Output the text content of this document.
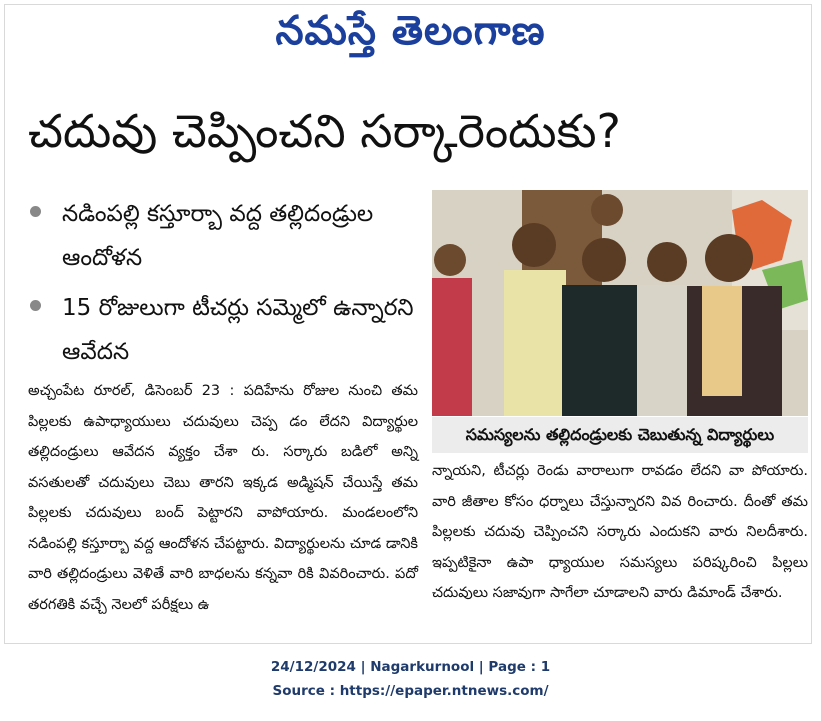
నమస్తే తెలంగాణ
చదువు చెప్పించని సర్కారెందుకు?
నడింపల్లి కస్తూర్బా వద్ద తల్లిదండ్రుల ఆందోళన
15 రోజులుగా టీచర్లు సమ్మెలో ఉన్నారని ఆవేదన
సమస్యలను తల్లిదండ్రులకు చెబుతున్న విద్యార్థులు

అచ్చంపేట రూరల్, డిసెంబర్ 23 : పదిహేను రోజుల నుంచి తమ పిల్లలకు ఉపాధ్యాయులు చదువులు చెప్ప డం లేదని విద్యార్థుల తల్లిదండ్రులు ఆవేదన వ్యక్తం చేశా రు. సర్కారు బడిలో అన్ని వసతులతో చదువులు చెబు తారని ఇక్కడ అడ్మిషన్ చేయిస్తే తమ పిల్లలకు చదువులు బంద్ పెట్టారని వాపోయారు. మండలంలోని నడింపల్లి కస్తూర్బా వద్ద ఆందోళన చేపట్టారు. విద్యార్థులను చూడ డానికి వారి తల్లిదండ్రులు వెళితే వారి బాధలను కన్నవా రికి వివరించారు. పదో తరగతికి వచ్చే నెలలో పరీక్షలు ఉ

న్నాయని, టీచర్లు రెండు వారాలుగా రావడం లేదని వా పోయారు. వారి జీతాల కోసం ధర్నాలు చేస్తున్నారని వివ రించారు. దీంతో తమ పిల్లలకు చదువు చెప్పించని సర్కారు ఎందుకని వారు నిలదీశారు. ఇప్పటికైనా ఉపా ధ్యాయుల సమస్యలు పరిష్కరించి పిల్లలు చదువులు సజావుగా సాగేలా చూడాలని వారు డిమాండ్ చేశారు.

24/12/2024 | Nagarkurnool | Page : 1
Source : https://epaper.ntnews.com/
